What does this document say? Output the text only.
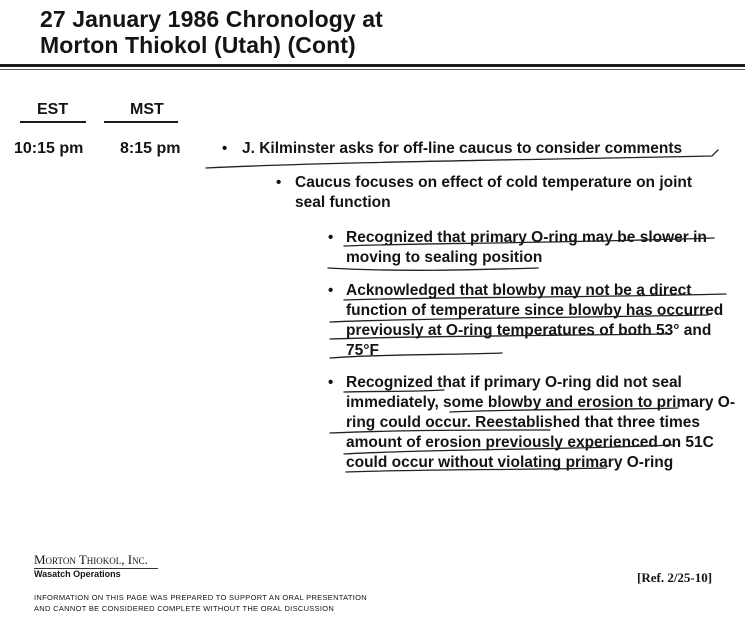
27 January 1986 Chronology at
Morton Thiokol (Utah) (Cont)
EST	MST
10:15 pm 8:15 pm	• J. Kilminster asks for off-line caucus to consider comments
• Caucus focuses on effect of cold temperature on joint seal function
• Recognized that primary O-ring may be slower in moving to sealing position
• Acknowledged that blowby may not be a direct function of temperature since blowby has occurred previously at O-ring temperatures of both 53° and 75°F
• Recognized that if primary O-ring did not seal immediately, some blowby and erosion to primary O-ring could occur. Reestablished that three times amount of erosion previously experienced on 51C could occur without violating primary O-ring
Morton Thiokol, Inc.
Wasatch Operations
INFORMATION ON THIS PAGE WAS PREPARED TO SUPPORT AN ORAL PRESENTATION
AND CANNOT BE CONSIDERED COMPLETE WITHOUT THE ORAL DISCUSSION
[Ref. 2/25-10]
